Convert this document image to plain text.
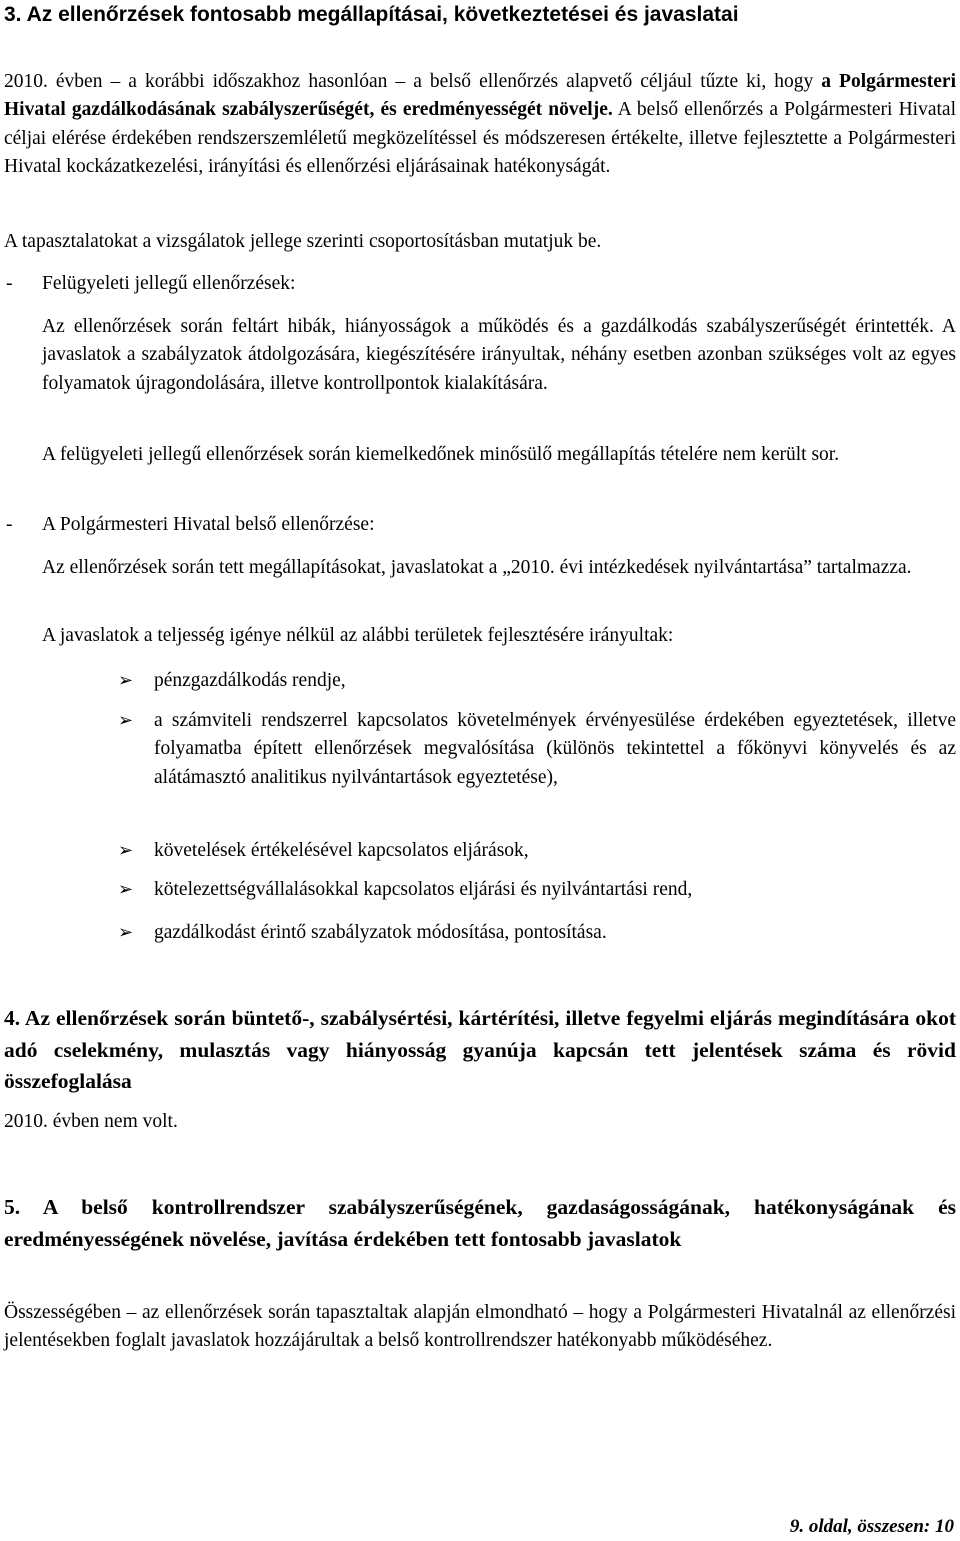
3. Az ellenőrzések fontosabb megállapításai, következtetései és javaslatai
2010. évben – a korábbi időszakhoz hasonlóan – a belső ellenőrzés alapvető céljául tűzte ki, hogy a Polgármesteri Hivatal gazdálkodásának szabályszerűségét, és eredményességét növelje. A belső ellenőrzés a Polgármesteri Hivatal céljai elérése érdekében rendszerszemléletű megközelítéssel és módszeresen értékelte, illetve fejlesztette a Polgármesteri Hivatal kockázatkezelési, irányítási és ellenőrzési eljárásainak hatékonyságát.
A tapasztalatokat a vizsgálatok jellege szerinti csoportosításban mutatjuk be.
- Felügyeleti jellegű ellenőrzések:
Az ellenőrzések során feltárt hibák, hiányosságok a működés és a gazdálkodás szabályszerűségét érintették. A javaslatok a szabályzatok átdolgozására, kiegészítésére irányultak, néhány esetben azonban szükséges volt az egyes folyamatok újragondolására, illetve kontrollpontok kialakítására.
A felügyeleti jellegű ellenőrzések során kiemelkedőnek minősülő megállapítás tételére nem került sor.
- A Polgármesteri Hivatal belső ellenőrzése:
Az ellenőrzések során tett megállapításokat, javaslatokat a „2010. évi intézkedések nyilvántartása” tartalmazza.
A javaslatok a teljesség igénye nélkül az alábbi területek fejlesztésére irányultak:
➢	pénzgazdálkodás rendje,
➢	a számviteli rendszerrel kapcsolatos követelmények érvényesülése érdekében egyeztetések, illetve folyamatba épített ellenőrzések megvalósítása (különös tekintettel a főkönyvi könyvelés és az alátámasztó analitikus nyilvántartások egyeztetése),
➢	követelések értékelésével kapcsolatos eljárások,
➢	kötelezettségvállalásokkal kapcsolatos eljárási és nyilvántartási rend,
➢	gazdálkodást érintő szabályzatok módosítása, pontosítása.
4. Az ellenőrzések során büntető-, szabálysértési, kártérítési, illetve fegyelmi eljárás megindítására okot adó cselekmény, mulasztás vagy hiányosság gyanúja kapcsán tett jelentések száma és rövid összefoglalása
2010. évben nem volt.
5. A belső kontrollrendszer szabályszerűségének, gazdaságosságának, hatékonyságának és eredményességének növelése, javítása érdekében tett fontosabb javaslatok
Összességében – az ellenőrzések során tapasztaltak alapján elmondható – hogy a Polgármesteri Hivatalnál az ellenőrzési jelentésekben foglalt javaslatok hozzájárultak a belső kontrollrendszer hatékonyabb működéséhez.
9. oldal, összesen: 10
